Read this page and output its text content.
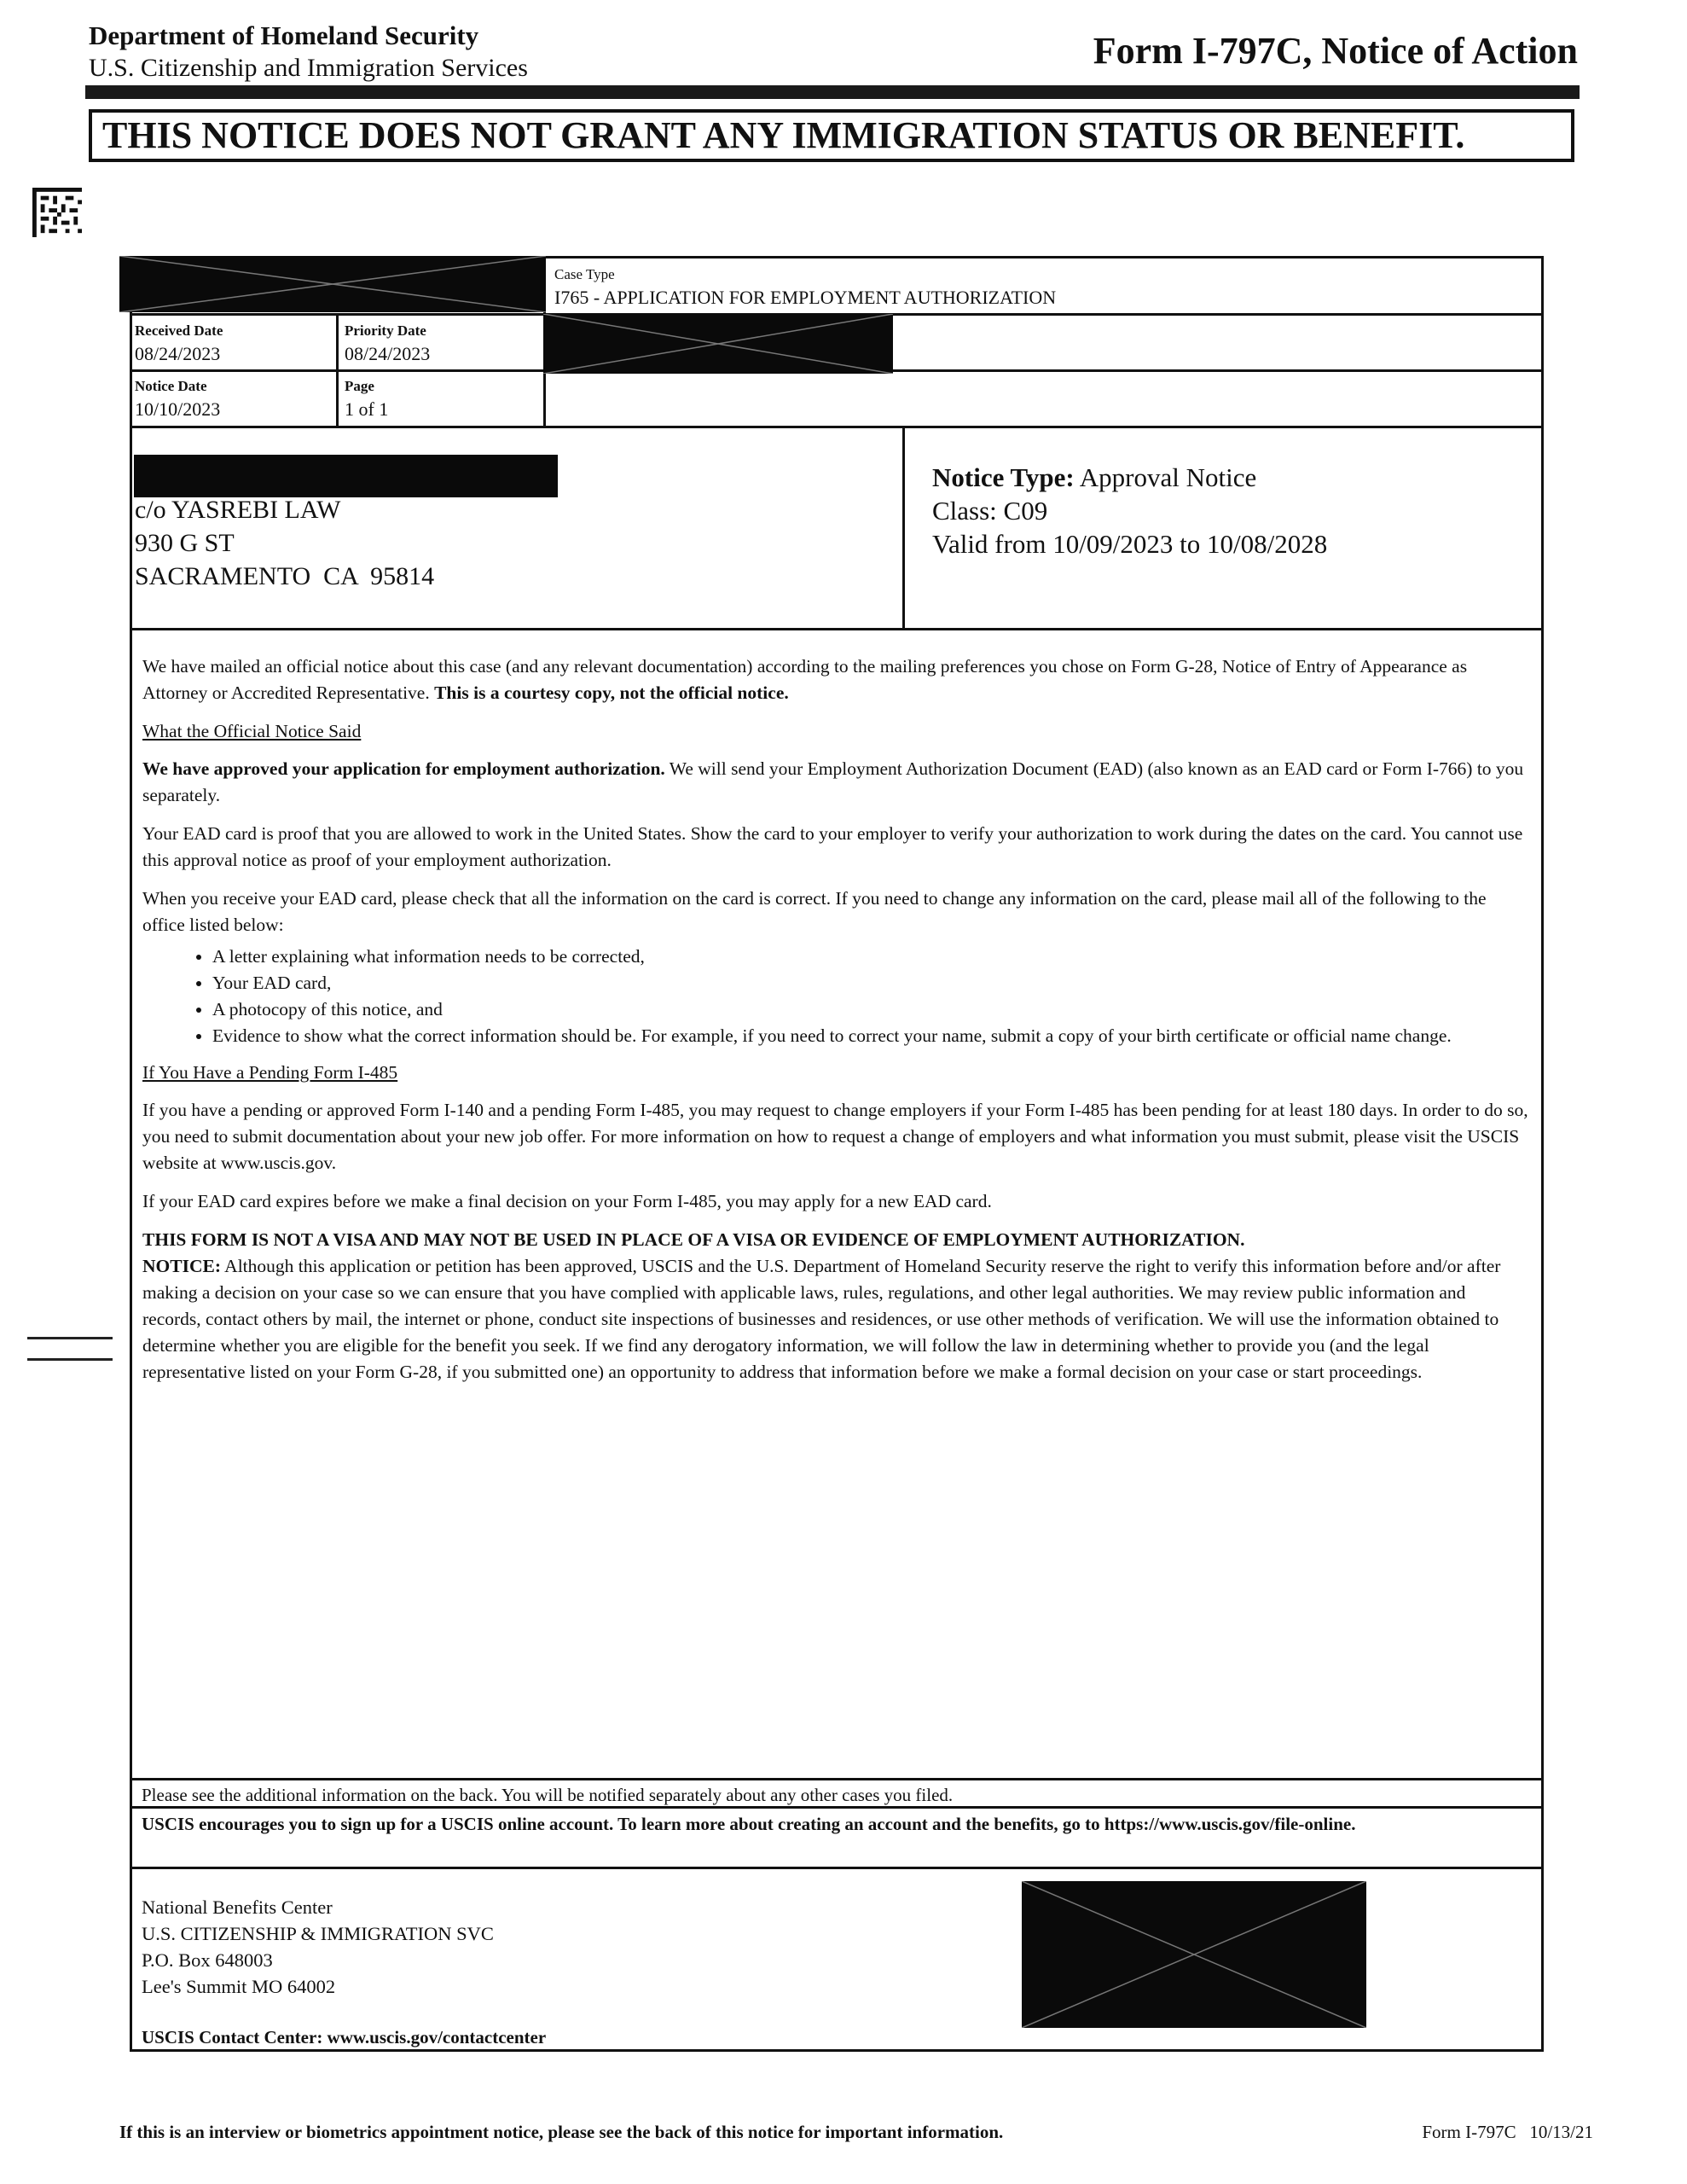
Department of Homeland Security
U.S. Citizenship and Immigration Services	Form I-797C, Notice of Action
THIS NOTICE DOES NOT GRANT ANY IMMIGRATION STATUS OR BENEFIT.
Case Type
I765 - APPLICATION FOR EMPLOYMENT AUTHORIZATION
Received Date
08/24/2023
Priority Date
08/24/2023
Notice Date
10/10/2023
Page
1 of 1
c/o YASREBI LAW
930 G ST
SACRAMENTO  CA  95814
Notice Type: Approval Notice
Class: C09
Valid from 10/09/2023 to 10/08/2028

We have mailed an official notice about this case (and any relevant documentation) according to the mailing preferences you chose on Form G-28, Notice of Entry of Appearance as Attorney or Accredited Representative. This is a courtesy copy, not the official notice.

What the Official Notice Said

We have approved your application for employment authorization. We will send your Employment Authorization Document (EAD) (also known as an EAD card or Form I-766) to you separately.

Your EAD card is proof that you are allowed to work in the United States. Show the card to your employer to verify your authorization to work during the dates on the card. You cannot use this approval notice as proof of your employment authorization.

When you receive your EAD card, please check that all the information on the card is correct. If you need to change any information on the card, please mail all of the following to the office listed below:

• A letter explaining what information needs to be corrected,
• Your EAD card,
• A photocopy of this notice, and
• Evidence to show what the correct information should be. For example, if you need to correct your name, submit a copy of your birth certificate or official name change.

If You Have a Pending Form I-485

If you have a pending or approved Form I-140 and a pending Form I-485, you may request to change employers if your Form I-485 has been pending for at least 180 days. In order to do so, you need to submit documentation about your new job offer. For more information on how to request a change of employers and what information you must submit, please visit the USCIS website at www.uscis.gov.

If your EAD card expires before we make a final decision on your Form I-485, you may apply for a new EAD card.

THIS FORM IS NOT A VISA AND MAY NOT BE USED IN PLACE OF A VISA OR EVIDENCE OF EMPLOYMENT AUTHORIZATION.

NOTICE: Although this application or petition has been approved, USCIS and the U.S. Department of Homeland Security reserve the right to verify this information before and/or after making a decision on your case so we can ensure that you have complied with applicable laws, rules, regulations, and other legal authorities. We may review public information and records, contact others by mail, the internet or phone, conduct site inspections of businesses and residences, or use other methods of verification. We will use the information obtained to determine whether you are eligible for the benefit you seek. If we find any derogatory information, we will follow the law in determining whether to provide you (and the legal representative listed on your Form G-28, if you submitted one) an opportunity to address that information before we make a formal decision on your case or start proceedings.

Please see the additional information on the back. You will be notified separately about any other cases you filed.
USCIS encourages you to sign up for a USCIS online account. To learn more about creating an account and the benefits, go to https://www.uscis.gov/file-online.
National Benefits Center
U.S. CITIZENSHIP & IMMIGRATION SVC
P.O. Box 648003
Lee's Summit MO 64002
USCIS Contact Center: www.uscis.gov/contactcenter
If this is an interview or biometrics appointment notice, please see the back of this notice for important information.	Form I-797C   10/13/21
